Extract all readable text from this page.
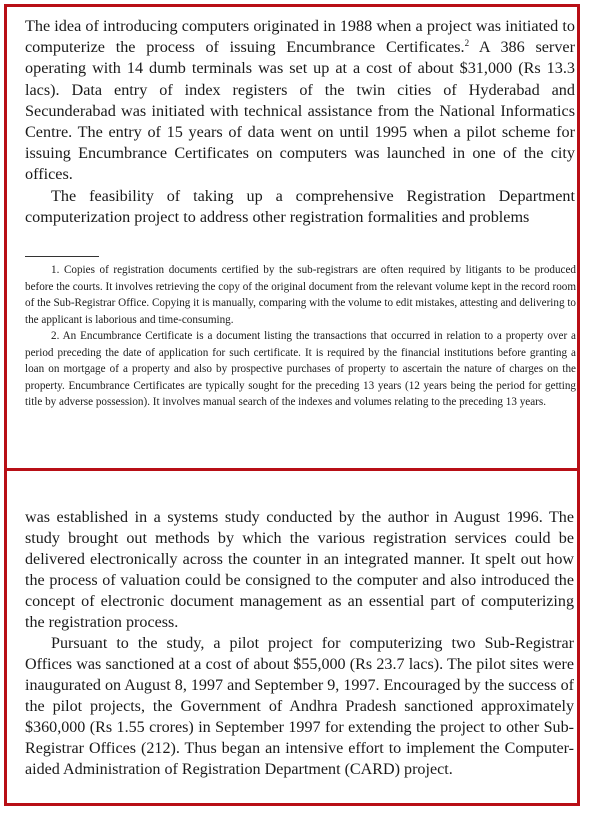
The idea of introducing computers originated in 1988 when a project was initiated to computerize the process of issuing Encumbrance Certificates.$^2$ A 386 server operating with 14 dumb terminals was set up at a cost of about $31,000 (Rs 13.3 lacs). Data entry of index registers of the twin cities of Hyderabad and Secunderabad was initiated with technical assistance from the National Informatics Centre. The entry of 15 years of data went on until 1995 when a pilot scheme for issuing Encumbrance Certificates on computers was launched in one of the city offices.

The feasibility of taking up a comprehensive Registration Department computerization project to address other registration formalities and problems

1. Copies of registration documents certified by the sub-registrars are often required by litigants to be produced before the courts. It involves retrieving the copy of the original document from the relevant volume kept in the record room of the Sub-Registrar Office. Copying it is manually, comparing with the volume to edit mistakes, attesting and delivering to the applicant is laborious and time-consuming.

2. An Encumbrance Certificate is a document listing the transactions that occurred in relation to a property over a period preceding the date of application for such certificate. It is required by the financial institutions before granting a loan on mortgage of a property and also by prospective purchases of property to ascertain the nature of charges on the property. Encumbrance Certificates are typically sought for the preceding 13 years (12 years being the period for getting title by adverse possession). It involves manual search of the indexes and volumes relating to the preceding 13 years.

was established in a systems study conducted by the author in August 1996. The study brought out methods by which the various registration services could be delivered electronically across the counter in an integrated manner. It spelt out how the process of valuation could be consigned to the computer and also introduced the concept of electronic document management as an essential part of computerizing the registration process.

Pursuant to the study, a pilot project for computerizing two Sub-Registrar Offices was sanctioned at a cost of about $55,000 (Rs 23.7 lacs). The pilot sites were inaugurated on August 8, 1997 and September 9, 1997. Encouraged by the success of the pilot projects, the Government of Andhra Pradesh sanctioned approximately $360,000 (Rs 1.55 crores) in September 1997 for extending the project to other Sub-Registrar Offices (212). Thus began an intensive effort to implement the Computer-aided Administration of Registration Department (CARD) project.
